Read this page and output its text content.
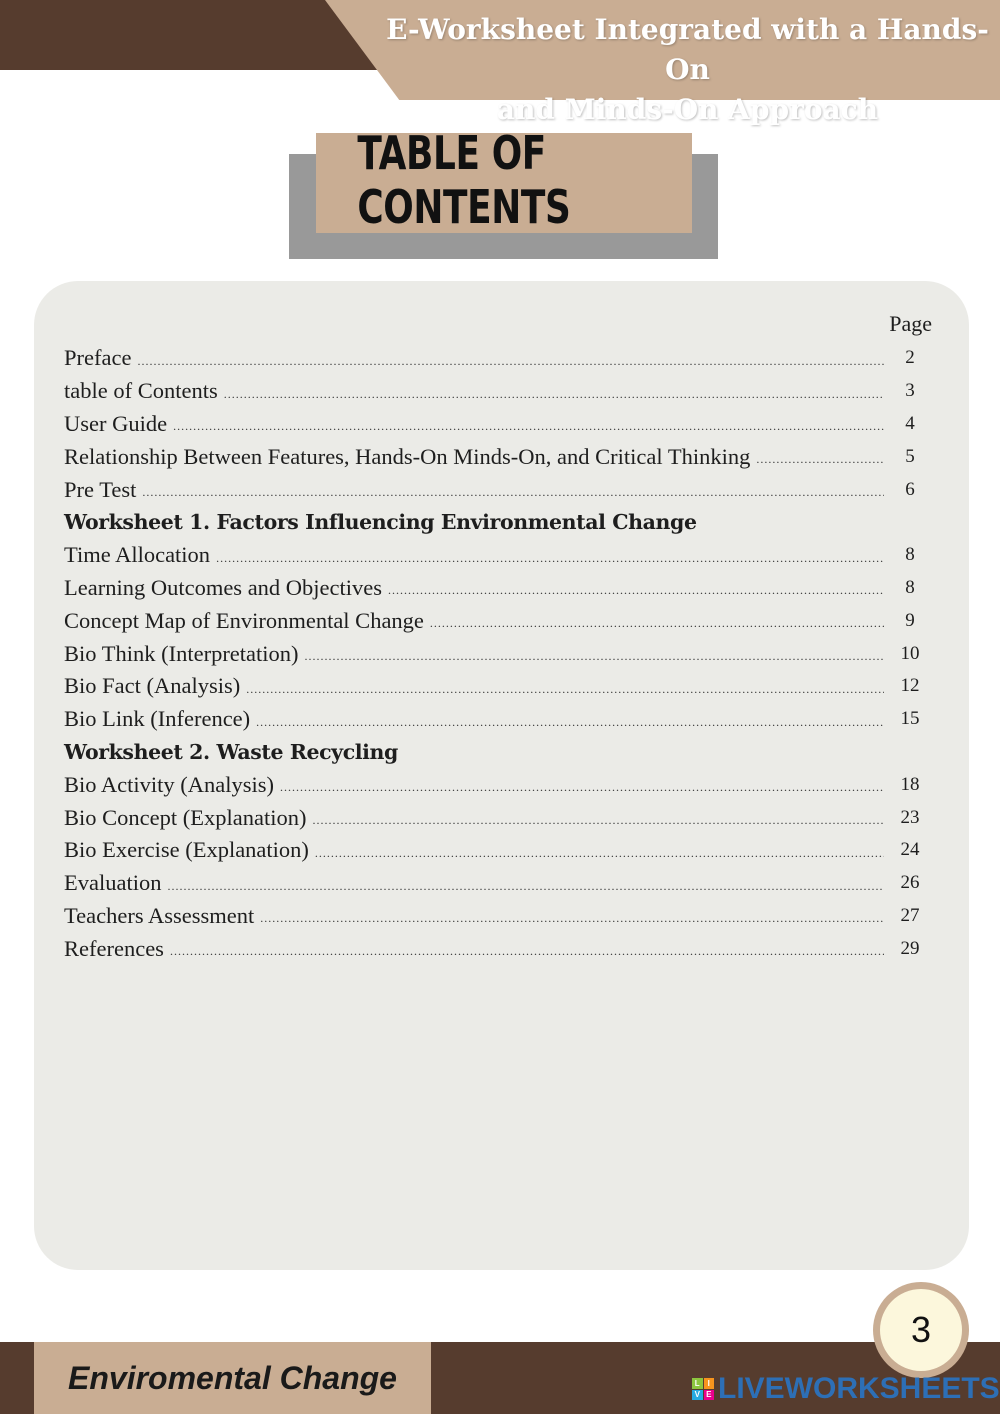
E-Worksheet Integrated with a Hands-On
and Minds-On Approach
TABLE OF CONTENTS
Page
Preface .....	2
table of Contents .....	3
User Guide .....	4
Relationship Between Features, Hands-On Minds-On, and Critical Thinking .....	5
Pre Test .....	6
Worksheet 1. Factors Influencing Environmental Change
Time Allocation .....	8
Learning Outcomes and Objectives .....	8
Concept Map of Environmental Change .....	9
Bio Think (Interpretation) .....	10
Bio Fact (Analysis) .....	12
Bio Link (Inference) .....	15
Worksheet 2. Waste Recycling
Bio Activity (Analysis) .....	18
Bio Concept (Explanation) .....	23
Bio Exercise (Explanation) .....	24
Evaluation .....	26
Teachers Assessment .....	27
References .....	29
Enviromental Change
3
L I
V E LIVEWORKSHEETS
